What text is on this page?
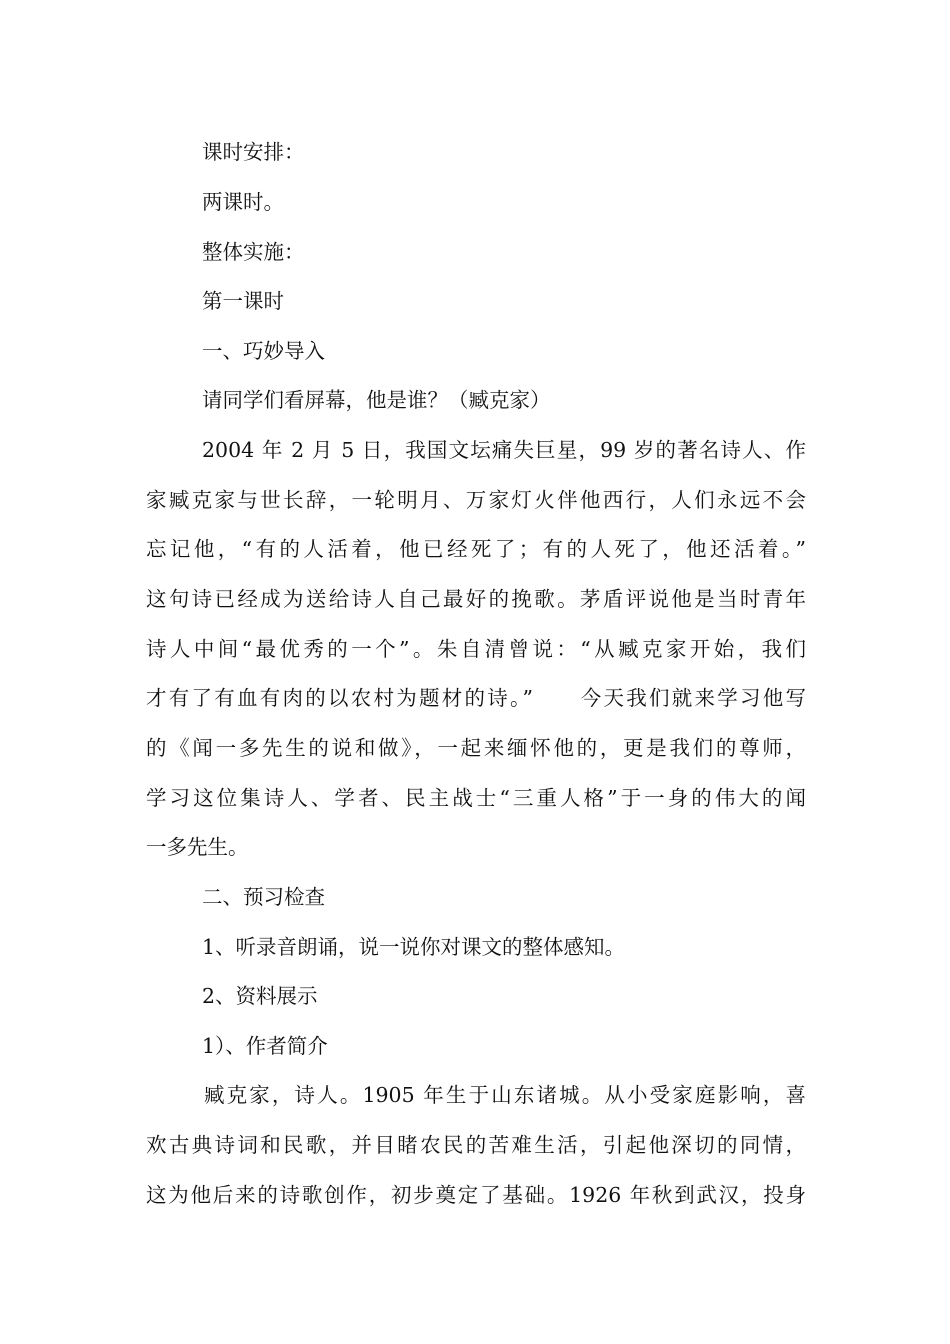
课时安排：
两课时。
整体实施：
第一课时
一、巧妙导入
请同学们看屏幕，他是谁？（臧克家）
2004 年 2 月 5 日，我国文坛痛失巨星，99 岁的著名诗人、作
家臧克家与世长辞，一轮明月、万家灯火伴他西行，人们永远不会
忘记他，“有的人活着，他已经死了；有的人死了，他还活着。”
这句诗已经成为送给诗人自己最好的挽歌。茅盾评说他是当时青年
诗人中间“最优秀的一个”。朱自清曾说：“从臧克家开始，我们
才有了有血有肉的以农村为题材的诗。”　　今天我们就来学习他写
的《闻一多先生的说和做》，一起来缅怀他的，更是我们的尊师，
学习这位集诗人、学者、民主战士“三重人格”于一身的伟大的闻
一多先生。
二、预习检查
1、听录音朗诵，说一说你对课文的整体感知。
2、资料展示
1）、作者简介
臧克家，诗人。1905 年生于山东诸城。从小受家庭影响，喜
欢古典诗词和民歌，并目睹农民的苦难生活，引起他深切的同情，
这为他后来的诗歌创作，初步奠定了基础。1926 年秋到武汉，投身
